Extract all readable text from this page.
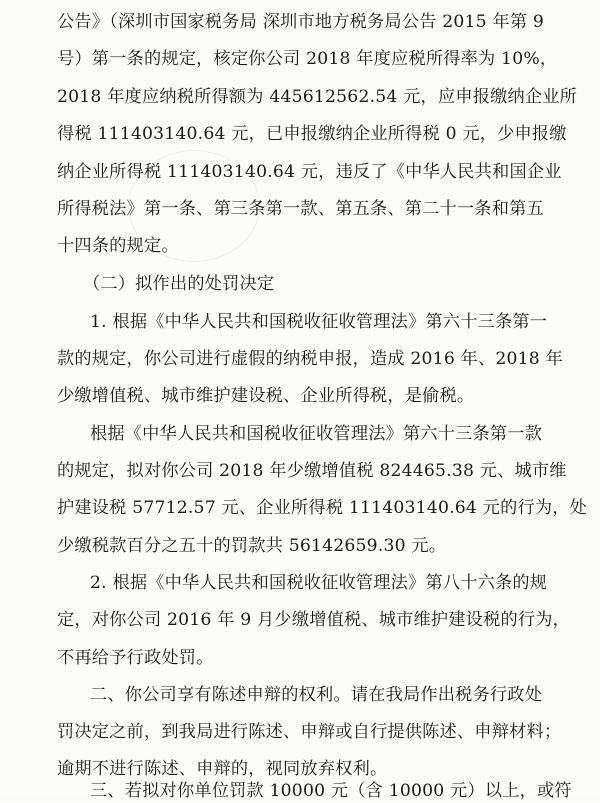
公告》（深圳市国家税务局 深圳市地方税务局公告 2015 年第 9
号）第一条的规定，核定你公司 2018 年度应税所得率为 10%，
2018 年度应纳税所得额为 445612562.54 元，应申报缴纳企业所
得税 111403140.64 元，已申报缴纳企业所得税 0 元，少申报缴
纳企业所得税 111403140.64 元，违反了《中华人民共和国企业
所得税法》第一条、第三条第一款、第五条、第二十一条和第五
十四条的规定。
（二）拟作出的处罚决定
1. 根据《中华人民共和国税收征收管理法》第六十三条第一
款的规定，你公司进行虚假的纳税申报，造成 2016 年、2018 年
少缴增值税、城市维护建设税、企业所得税，是偷税。
根据《中华人民共和国税收征收管理法》第六十三条第一款
的规定，拟对你公司 2018 年少缴增值税 824465.38 元、城市维
护建设税 57712.57 元、企业所得税 111403140.64 元的行为，处
少缴税款百分之五十的罚款共 56142659.30 元。
2. 根据《中华人民共和国税收征收管理法》第八十六条的规
定，对你公司 2016 年 9 月少缴增值税、城市维护建设税的行为，
不再给予行政处罚。
二、你公司享有陈述申辩的权利。请在我局作出税务行政处
罚决定之前，到我局进行陈述、申辩或自行提供陈述、申辩材料；
逾期不进行陈述、申辩的，视同放弃权利。
三、若拟对你单位罚款 10000 元（含 10000 元）以上，或符
